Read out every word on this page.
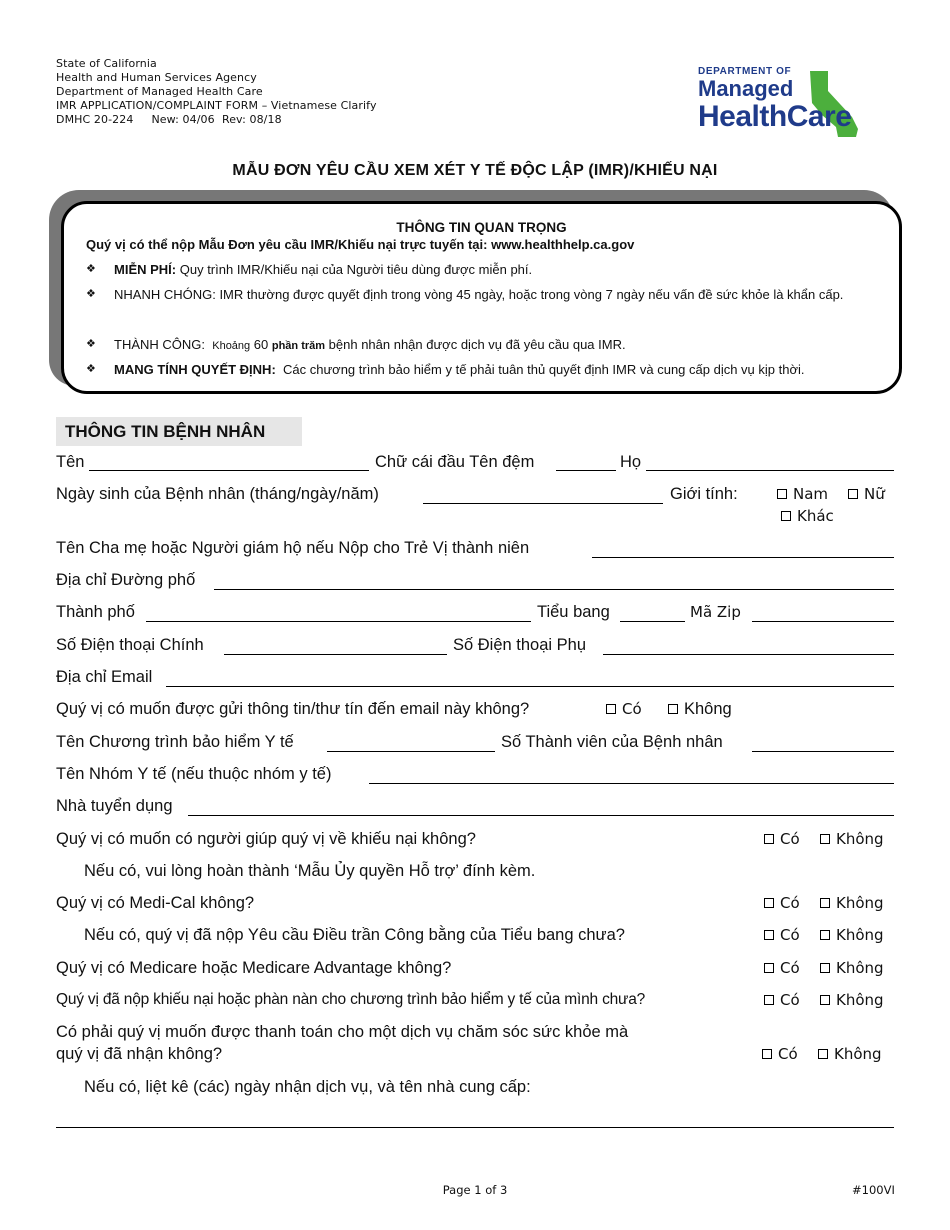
State of California
Health and Human Services Agency
Department of Managed Health Care
IMR APPLICATION/COMPLAINT FORM – Vietnamese Clarify
DMHC 20-224     New: 04/06  Rev: 08/18
DEPARTMENT OF
Managed
HealthCare
MẪU ĐƠN YÊU CẦU XEM XÉT Y TẾ ĐỘC LẬP (IMR)/KHIẾU NẠI
THÔNG TIN QUAN TRỌNG
Quý vị có thể nộp Mẫu Đơn yêu cầu IMR/Khiếu nại trực tuyến tại: www.healthhelp.ca.gov
❖ MIỄN PHÍ: Quy trình IMR/Khiếu nại của Người tiêu dùng được miễn phí.
❖ NHANH CHÓNG: IMR thường được quyết định trong vòng 45 ngày, hoặc trong vòng 7 ngày nếu vấn đề sức khỏe là khẩn cấp.
❖ THÀNH CÔNG:  Khoảng 60 phần trăm bệnh nhân nhận được dịch vụ đã yêu cầu qua IMR.
❖ MANG TÍNH QUYẾT ĐỊNH:  Các chương trình bảo hiểm y tế phải tuân thủ quyết định IMR và cung cấp dịch vụ kịp thời.
THÔNG TIN BỆNH NHÂN
Tên	Chữ cái đầu Tên đệm	Họ
Ngày sinh của Bệnh nhân (tháng/ngày/năm)	Giới tính:	Nam	Nữ
Khác
Tên Cha mẹ hoặc Người giám hộ nếu Nộp cho Trẻ Vị thành niên
Địa chỉ Đường phố
Thành phố	Tiểu bang	Mã Zip
Số Điện thoại Chính	Số Điện thoại Phụ
Địa chỉ Email
Quý vị có muốn được gửi thông tin/thư tín đến email này không?	Có	Không
Tên Chương trình bảo hiểm Y tế	Số Thành viên của Bệnh nhân
Tên Nhóm Y tế (nếu thuộc nhóm y tế)
Nhà tuyển dụng
Quý vị có muốn có người giúp quý vị về khiếu nại không?	Có	Không
Nếu có, vui lòng hoàn thành ‘Mẫu Ủy quyền Hỗ trợ’ đính kèm.
Quý vị có Medi-Cal không?	Có	Không
Nếu có, quý vị đã nộp Yêu cầu Điều trần Công bằng của Tiểu bang chưa?	Có	Không
Quý vị có Medicare hoặc Medicare Advantage không?	Có	Không
Quý vị đã nộp khiếu nại hoặc phàn nàn cho chương trình bảo hiểm y tế của mình chưa?	Có	Không
Có phải quý vị muốn được thanh toán cho một dịch vụ chăm sóc sức khỏe mà
quý vị đã nhận không?	Có	Không
Nếu có, liệt kê (các) ngày nhận dịch vụ, và tên nhà cung cấp:
Page 1 of 3	#100VI
